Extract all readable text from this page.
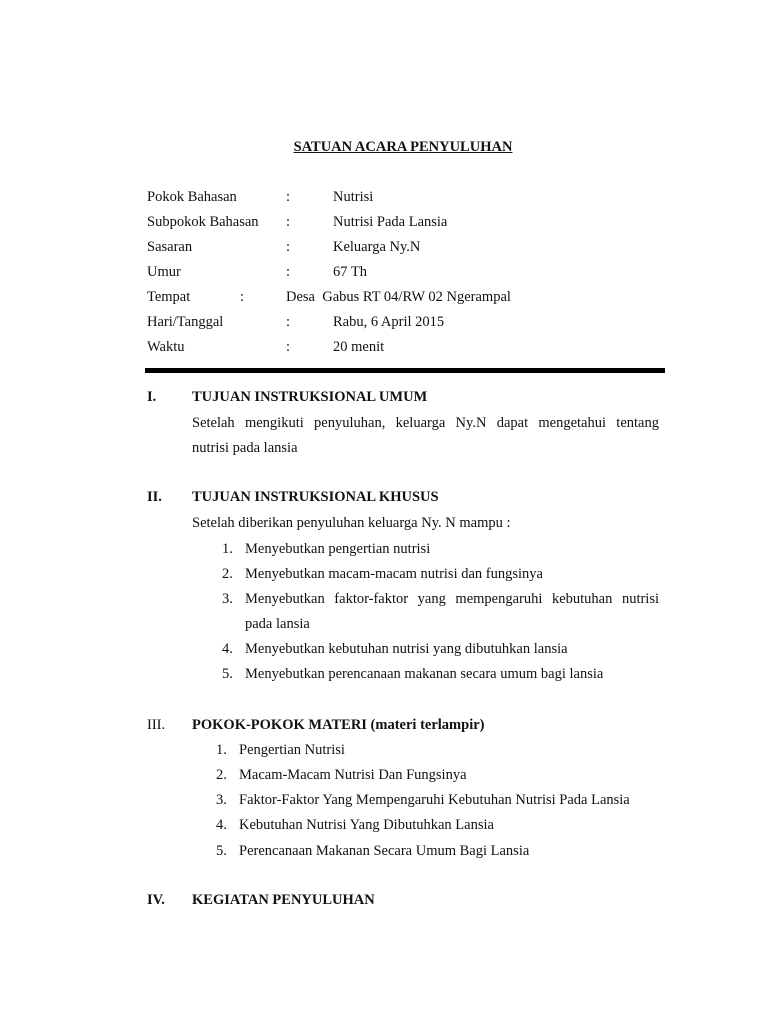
SATUAN ACARA PENYULUHAN
Pokok Bahasan	:	Nutrisi
Subpokok Bahasan :	Nutrisi Pada Lansia
Sasaran	:	Keluarga Ny.N
Umur	:	67 Th
Tempat	:	Desa  Gabus RT 04/RW 02 Ngerampal
Hari/Tanggal	:	Rabu, 6 April 2015
Waktu	:	20 menit
I. TUJUAN INSTRUKSIONAL UMUM
Setelah mengikuti penyuluhan, keluarga Ny.N dapat mengetahui tentang
nutrisi pada lansia
II. TUJUAN INSTRUKSIONAL KHUSUS
Setelah diberikan penyuluhan keluarga Ny. N mampu :
1. Menyebutkan pengertian nutrisi
2. Menyebutkan macam-macam nutrisi dan fungsinya
3. Menyebutkan faktor-faktor yang mempengaruhi kebutuhan nutrisi
pada lansia
4. Menyebutkan kebutuhan nutrisi yang dibutuhkan lansia
5. Menyebutkan perencanaan makanan secara umum bagi lansia
III. POKOK-POKOK MATERI (materi terlampir)
1. Pengertian Nutrisi
2. Macam-Macam Nutrisi Dan Fungsinya
3. Faktor-Faktor Yang Mempengaruhi Kebutuhan Nutrisi Pada Lansia
4. Kebutuhan Nutrisi Yang Dibutuhkan Lansia
5. Perencanaan Makanan Secara Umum Bagi Lansia
IV. KEGIATAN PENYULUHAN
